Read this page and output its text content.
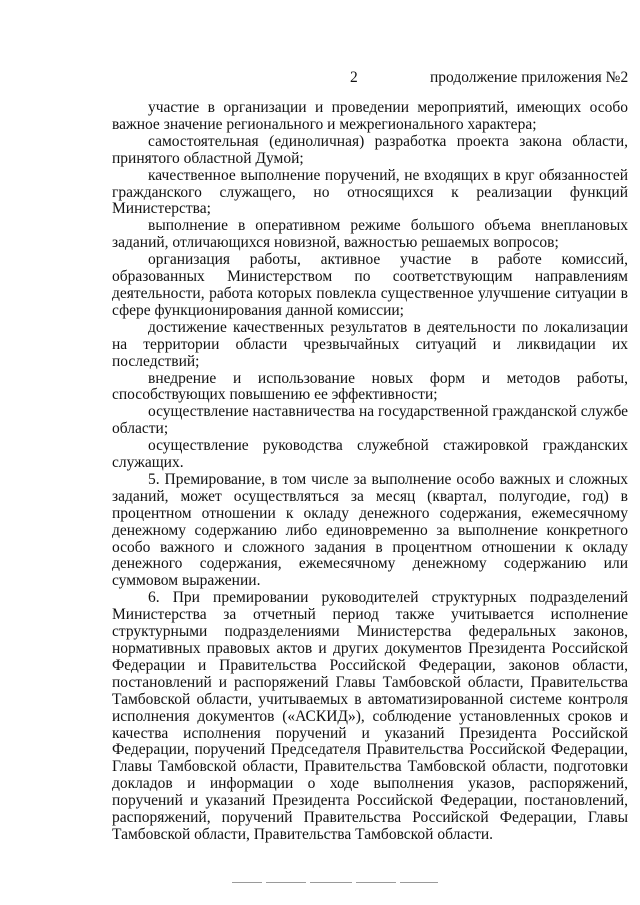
2	продолжение приложения №2

участие в организации и проведении мероприятий, имеющих особо важное значение регионального и межрегионального характера;

самостоятельная (единоличная) разработка проекта закона области, принятого областной Думой;

качественное выполнение поручений, не входящих в круг обязанностей гражданского служащего, но относящихся к реализации функций Министерства;

выполнение в оперативном режиме большого объема внеплановых заданий, отличающихся новизной, важностью решаемых вопросов;

организация работы, активное участие в работе комиссий, образованных Министерством по соответствующим направлениям деятельности, работа которых повлекла существенное улучшение ситуации в сфере функционирования данной комиссии;

достижение качественных результатов в деятельности по локализации на территории области чрезвычайных ситуаций и ликвидации их последствий;

внедрение и использование новых форм и методов работы, способствующих повышению ее эффективности;

осуществление наставничества на государственной гражданской службе области;

осуществление руководства служебной стажировкой гражданских служащих.

5. Премирование, в том числе за выполнение особо важных и сложных заданий, может осуществляться за месяц (квартал, полугодие, год) в процентном отношении к окладу денежного содержания, ежемесячному денежному содержанию либо единовременно за выполнение конкретного особо важного и сложного задания в процентном отношении к окладу денежного содержания, ежемесячному денежному содержанию или суммовом выражении.

6. При премировании руководителей структурных подразделений Министерства за отчетный период также учитывается исполнение структурными подразделениями Министерства федеральных законов, нормативных правовых актов и других документов Президента Российской Федерации и Правительства Российской Федерации, законов области, постановлений и распоряжений Главы Тамбовской области, Правительства Тамбовской области, учитываемых в автоматизированной системе контроля исполнения документов («АСКИД»), соблюдение установленных сроков и качества исполнения поручений и указаний Президента Российской Федерации, поручений Председателя Правительства Российской Федерации, Главы Тамбовской области, Правительства Тамбовской области, подготовки докладов и информации о ходе выполнения указов, распоряжений, поручений и указаний Президента Российской Федерации, постановлений, распоряжений, поручений Правительства Российской Федерации, Главы Тамбовской области, Правительства Тамбовской области.
